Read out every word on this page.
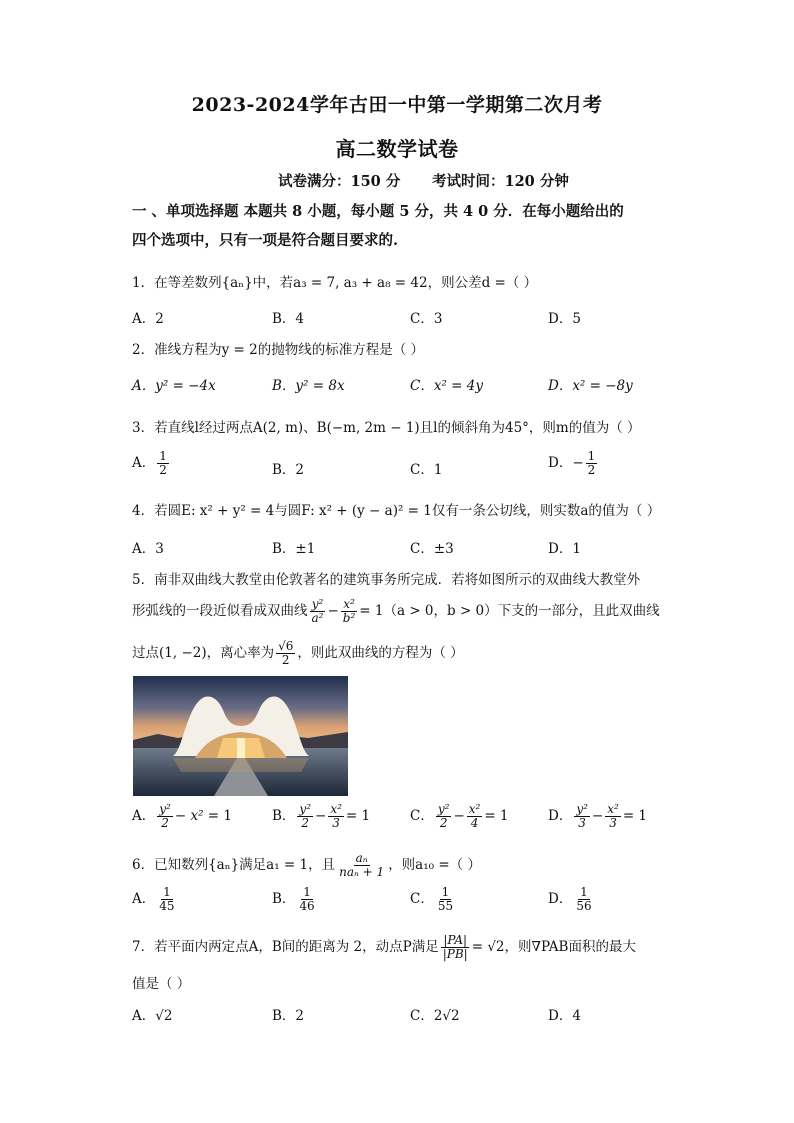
2023-2024学年古田一中第一学期第二次月考
高二数学试卷
试卷满分：150 分 考试时间：120 分钟
一 、单项选择题 本题共 8 小题，每小题 5 分，共 4 0 分．在每小题给出的
四个选项中，只有一项是符合题目要求的.
1．在等差数列{aₙ}中，若a₃ = 7, a₃ + a₈ = 42，则公差d =（ ）
A．2	B．4	C．3	D．5
2．准线方程为y = 2的抛物线的标准方程是（ ）
A．y² = −4x	B．y² = 8x	C．x² = 4y	D．x² = −8y
3．若直线l经过两点A(2, m)、B(−m, 2m − 1)且l的倾斜角为45°，则m的值为（ ）
A． $\frac{1}{2}$	B．2	C．1	D．− $\frac{1}{2}$
4．若圆E: x² + y² = 4与圆F: x² + (y − a)² = 1仅有一条公切线，则实数a的值为（ ）
A．3	B．±1	C．±3	D．1
5．南非双曲线大教堂由伦敦著名的建筑事务所完成．若将如图所示的双曲线大教堂外
形弧线的一段近似看成双曲线 $\frac{\text{y²}}{\text{a²}} - \frac{\text{x²}}{\text{b²}} = 1(a > 0$，b > 0）下支的一部分，且此双曲线
过点(1, −2)，离心率为 $\frac{√6}{2}$ ，则此双曲线的方程为（ ）
A． $\frac{\text{y²}}{2} - x^2 = 1$	B． $\frac{\text{y²}}{2} - \frac{\text{x²}}{3} = 1$	C． $\frac{\text{y²}}{2} - \frac{\text{x²}}{4} = 1$	D． $\frac{\text{y²}}{3} - \frac{\text{x²}}{3} = 1$
6．已知数列{aₙ}满足a₁ = 1，且 $\frac{\text{aₙ}}{\text{naₙ + 1}}$ ，则a₁₀ =（ ）
A． $\frac{1}{45}$	B． $\frac{1}{46}$	C． $\frac{1}{55}$	D． $\frac{1}{56}$
7．若平面内两定点A，B间的距离为 2，动点P满足 $\frac{|PA|}{|PB|} = √2$，则∇PAB面积的最大
值是（ ）
A．√2	B．2	C．2√2	D．4
